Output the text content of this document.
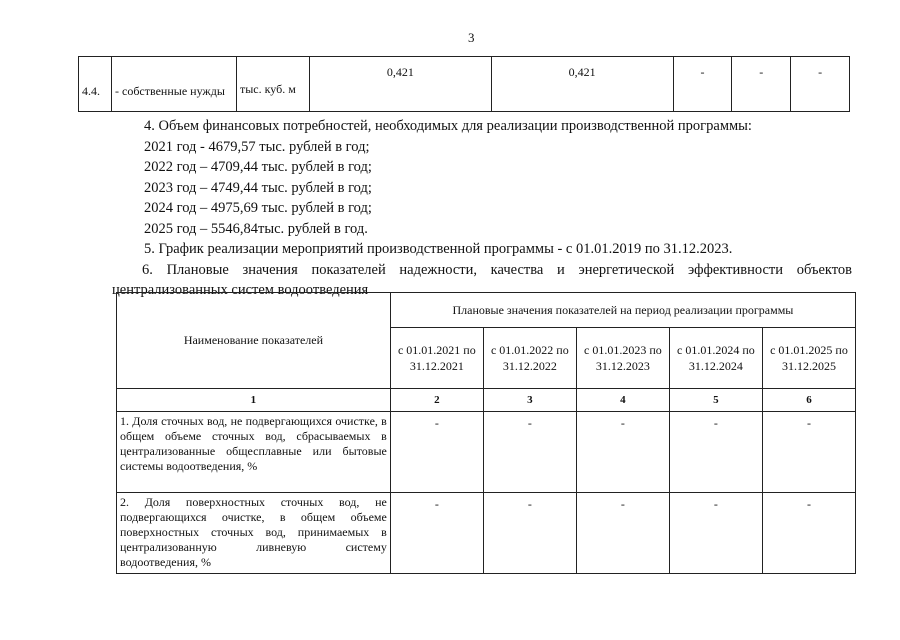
3
4.4.	- собственные нужды	тыс. куб. м	0,421	0,421	-	-	-

4. Объем финансовых потребностей, необходимых для реализации производственной программы:

2021 год - 4679,57 тыс. рублей в год;

2022 год – 4709,44 тыс. рублей в год;

2023 год – 4749,44 тыс. рублей в год;

2024 год – 4975,69 тыс. рублей в год;

2025 год – 5546,84тыс. рублей в год.

5. График реализации мероприятий производственной программы - с 01.01.2019 по 31.12.2023.

6. Плановые значения показателей надежности, качества и энергетической эффективности объектов централизованных систем водоотведения

Наименование показателей	Плановые значения показателей на период реализации программы				
	с 01.01.2021 по 31.12.2021	с 01.01.2022 по 31.12.2022	с 01.01.2023 по 31.12.2023	с 01.01.2024 по 31.12.2024	с 01.01.2025 по 31.12.2025
1	2	3	4	5	6
1. Доля сточных вод, не подвергающихся очистке, в общем объеме сточных вод, сбрасываемых в централизованные общесплавные или бытовые системы водоотведения, %	-	-	-	-	-
2. Доля поверхностных сточных вод, не подвергающихся очистке, в общем объеме поверхностных сточных вод, принимаемых в централизованную ливневую систему водоотведения, %	-	-	-	-	-
